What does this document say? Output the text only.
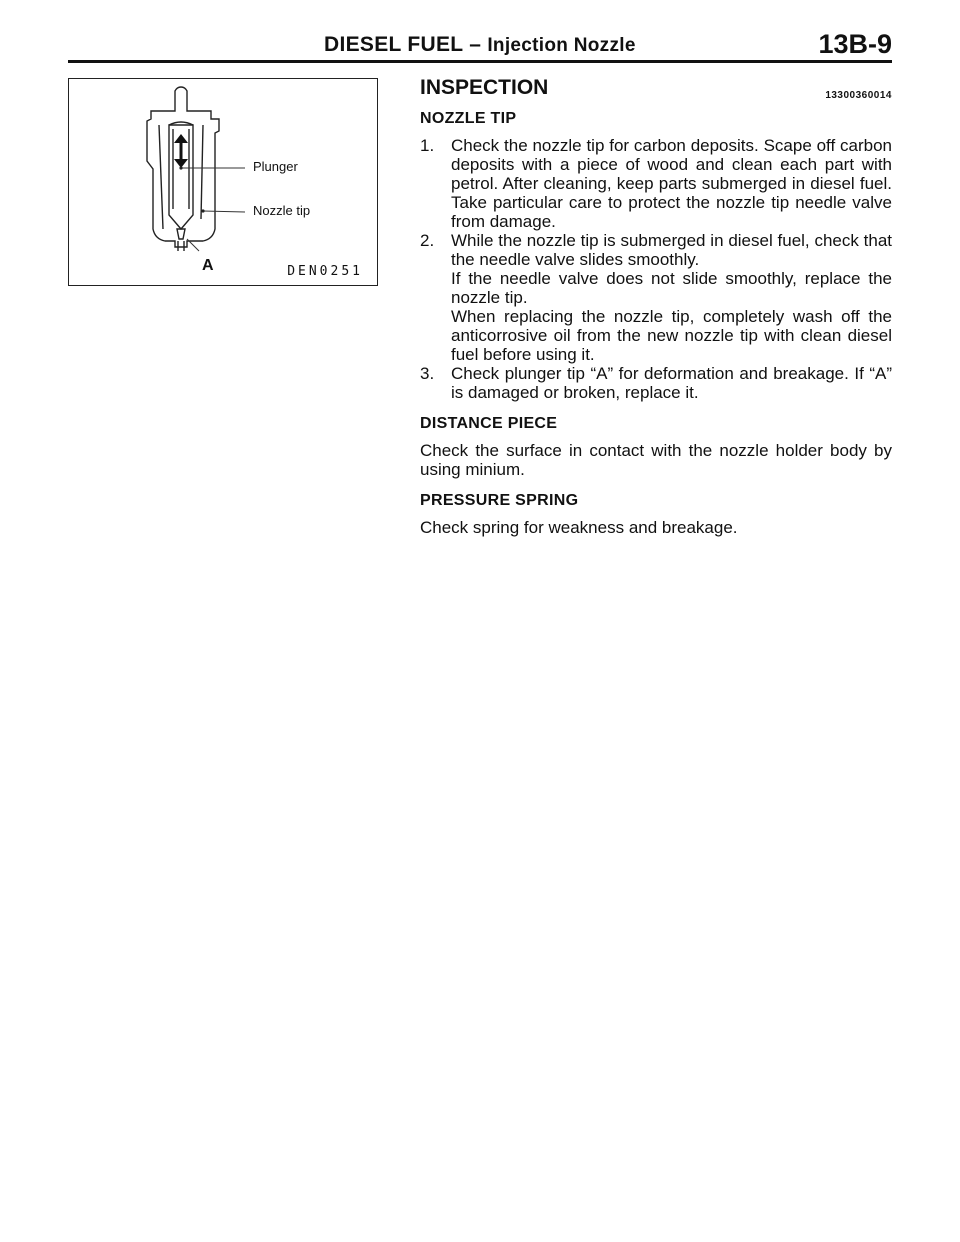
DIESEL FUEL – Injection Nozzle	13B-9
Plunger
Nozzle tip
A	DEN0251
INSPECTION	13300360014
NOZZLE TIP
1. Check the nozzle tip for carbon deposits. Scape off carbon deposits with a piece of wood and clean each part with petrol. After cleaning, keep parts submerged in diesel fuel. Take particular care to protect the nozzle tip needle valve from damage.
2. While the nozzle tip is submerged in diesel fuel, check that the needle valve slides smoothly.
If the needle valve does not slide smoothly, replace the nozzle tip.
When replacing the nozzle tip, completely wash off the anticorrosive oil from the new nozzle tip with clean diesel fuel before using it.
3. Check plunger tip “A” for deformation and breakage. If “A” is damaged or broken, replace it.
DISTANCE PIECE

Check the surface in contact with the nozzle holder body by using minium.

PRESSURE SPRING

Check spring for weakness and breakage.
